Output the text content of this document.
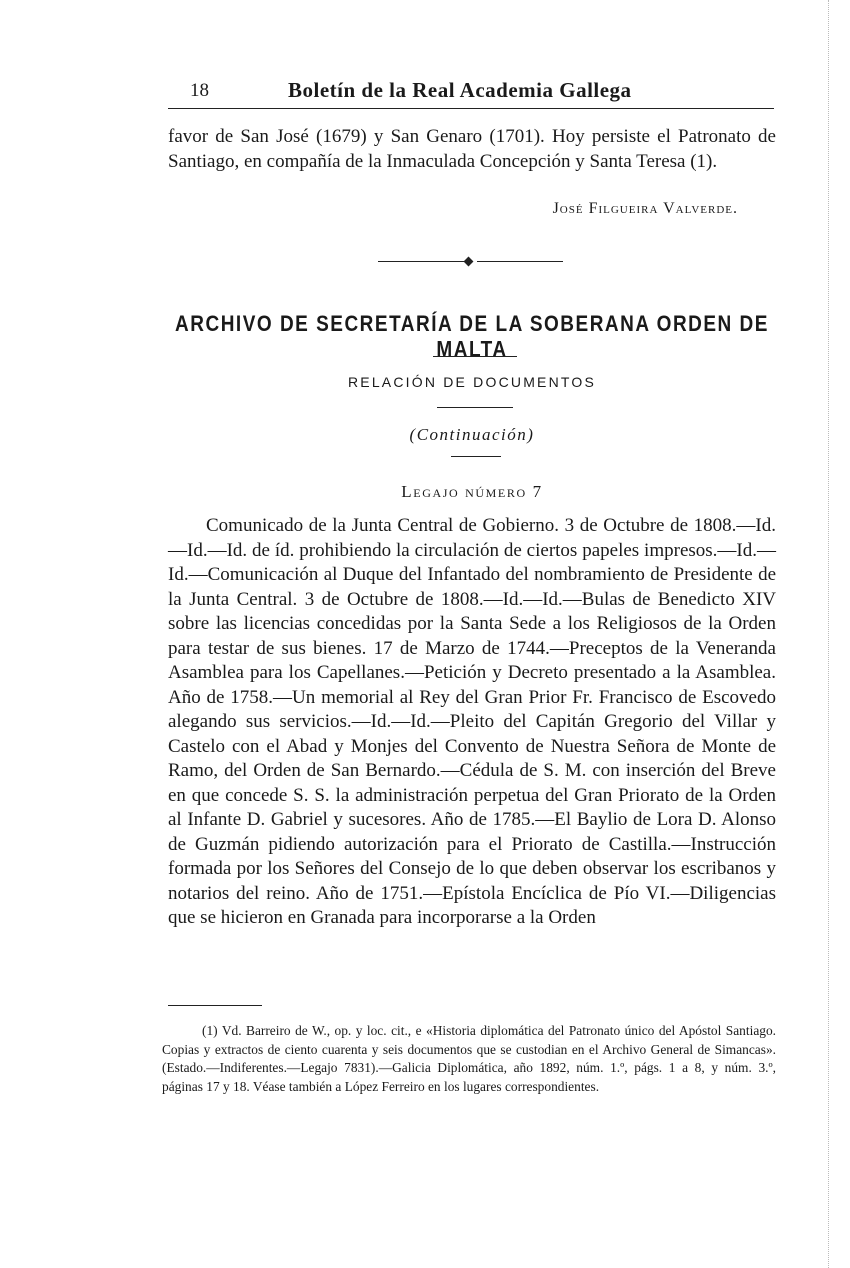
18	Boletín de la Real Academia Gallega

favor de San José (1679) y San Genaro (1701). Hoy persiste el Patronato de Santiago, en compañía de la Inmaculada Concepción y Santa Teresa (1).

José Filgueira Valverde.
ARCHIVO DE SECRETARÍA DE LA SOBERANA ORDEN DE MALTA
RELACIÓN DE DOCUMENTOS
(Continuación)
Legajo número 7

Comunicado de la Junta Central de Gobierno. 3 de Octubre de 1808.—Id.—Id.—Id. de íd. prohibiendo la circulación de ciertos papeles impresos.—Id.—Id.—Comunicación al Duque del Infantado del nombramiento de Presidente de la Junta Central. 3 de Octubre de 1808.—Id.—Id.—Bulas de Benedicto XIV sobre las licencias concedidas por la Santa Sede a los Religiosos de la Orden para testar de sus bienes. 17 de Marzo de 1744.—Preceptos de la Veneranda Asamblea para los Capellanes.—Petición y Decreto presentado a la Asamblea. Año de 1758.—Un memorial al Rey del Gran Prior Fr. Francisco de Escovedo alegando sus servicios.—Id.—Id.—Pleito del Capitán Gregorio del Villar y Castelo con el Abad y Monjes del Convento de Nuestra Señora de Monte de Ramo, del Orden de San Bernardo.—Cédula de S. M. con inserción del Breve en que concede S. S. la administración perpetua del Gran Priorato de la Orden al Infante D. Gabriel y sucesores. Año de 1785.—El Baylio de Lora D. Alonso de Guzmán pidiendo autorización para el Priorato de Castilla.—Instrucción formada por los Señores del Consejo de lo que deben observar los escribanos y notarios del reino. Año de 1751.—Epístola Encíclica de Pío VI.—Diligencias que se hicieron en Granada para incorporarse a la Orden

(1) Vd. Barreiro de W., op. y loc. cit., e «Historia diplomática del Patronato único del Apóstol Santiago. Copias y extractos de ciento cuarenta y seis documentos que se custodian en el Archivo General de Simancas». (Estado.—Indiferentes.—Legajo 7831).—Galicia Diplomática, año 1892, núm. 1.º, págs. 1 a 8, y núm. 3.º, páginas 17 y 18. Véase también a López Ferreiro en los lugares correspondientes.
